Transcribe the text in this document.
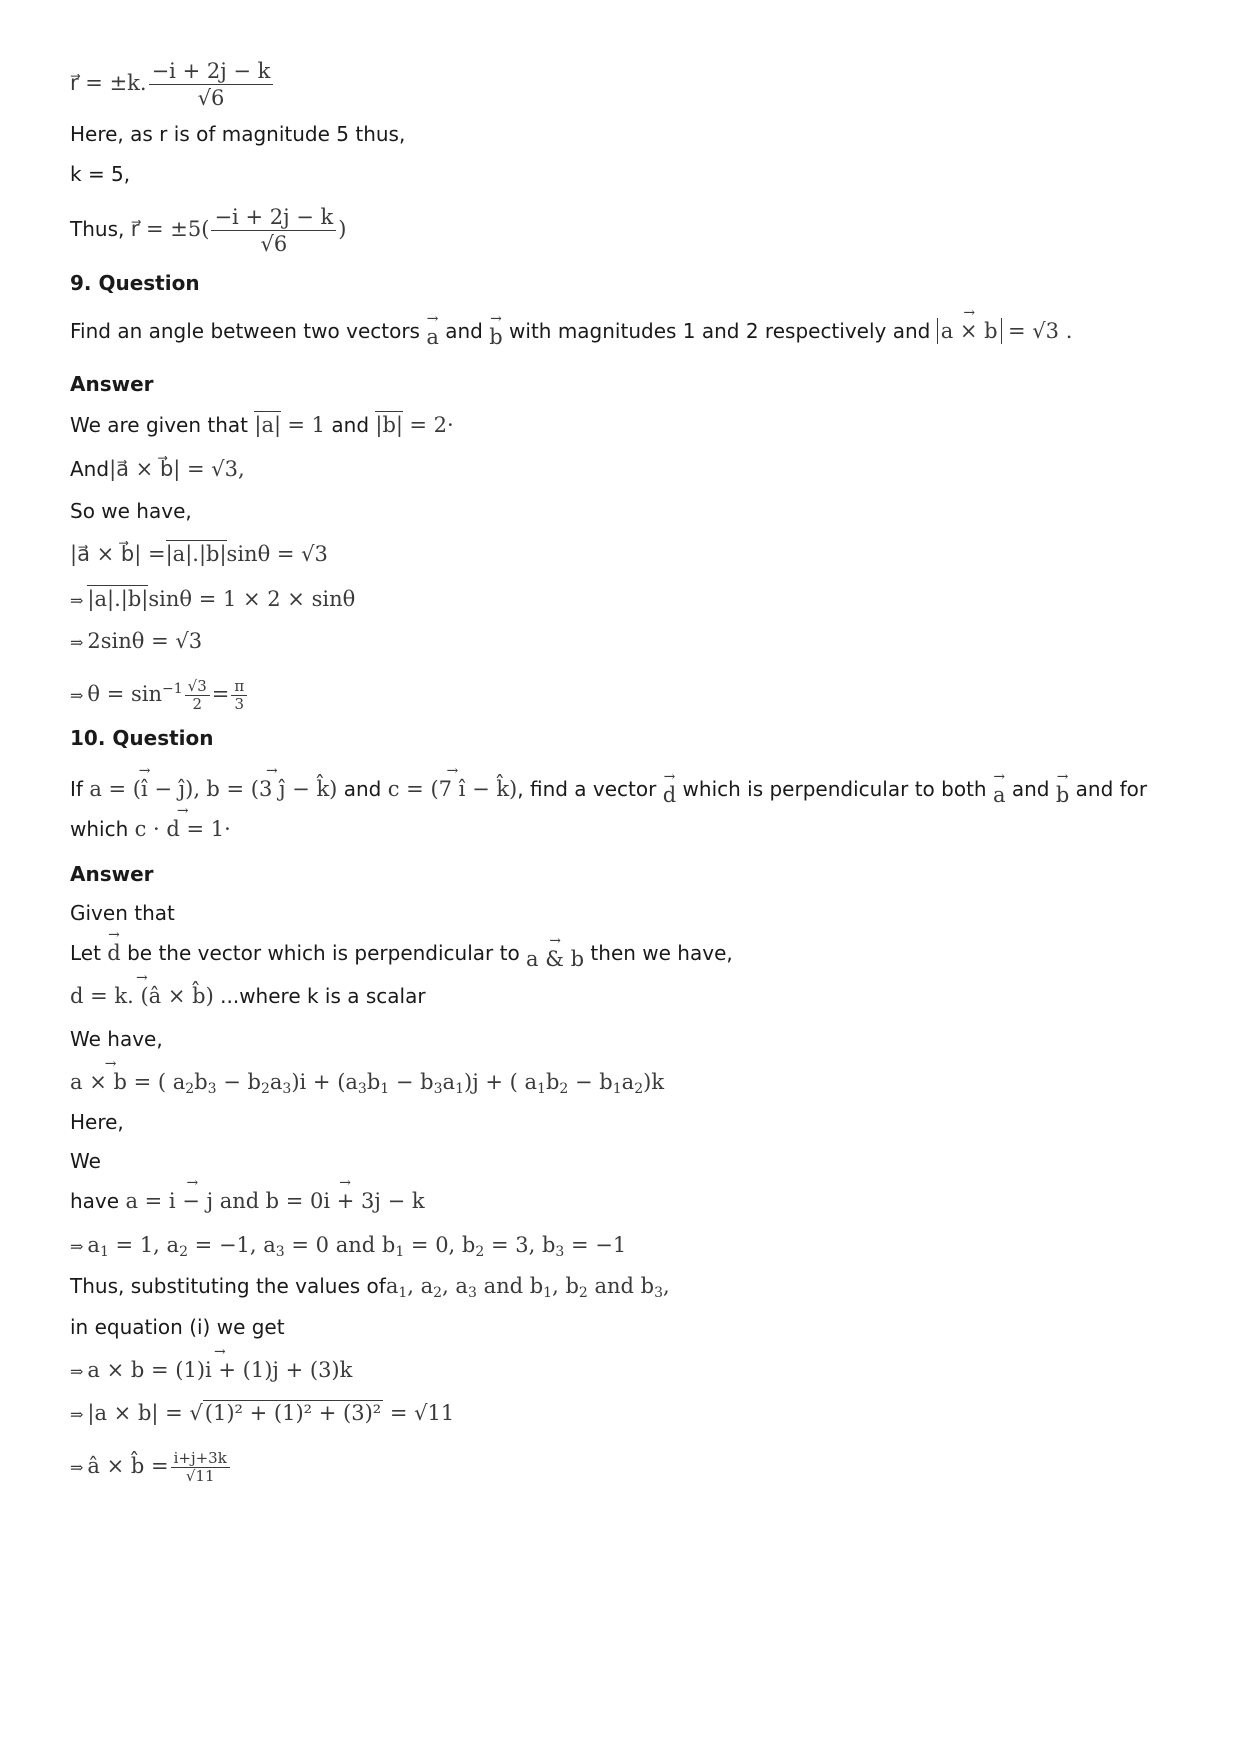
r⃗ = ±k. $\frac{-i + 2j - k}{√6}$
Here, as r is of magnitude 5 thus,
k = 5,
Thus, r⃗ = $\pm 5( \frac{-i + 2j - k}{√6}$ )
9. Question
Find an angle between two vectors → a and → b with magnitudes 1 and 2 respectively and → a × b = √3 .
Answer
We are given that |a| = 1 and |b| = 2·
And|a⃗ × b⃗| = √3,
So we have,
|a⃗ × b⃗| =|a|.|b|sinθ = √3
⇒ |a|.|b|sinθ = 1 × 2 × sinθ
⇒ 2sinθ = √3
⇒ $\theta = \sin^{-1} \frac{√3}{2} = \frac{\pi}{3}$
10. Question
If → a = (î − ĵ), → b = (3 ĵ − k̂) and → c = (7 î − k̂), find a vector → d which is perpendicular to both → a and → b and for
which → c · d = 1·
Answer
Given that
Let → d be the vector which is perpendicular to → a & b then we have,
→ d = k. (â × b̂) ...where k is a scalar
We have,
→ a × b = ( $a_2b_3 - b_2a_3)i + (a_3b_1 - b_3a_1)j$ + ( $a_1b_2 - b_1a_2)k$
Here,
We
have → a = i − j and → b = 0i + 3j − k
⇒ $a_1 = 1$, $a_2 = -1$, $a_3 = 0$ and $b_1 = 0$, $b_2 = 3$, $b_3 = -1$
Thus, substituting the values ofa$_1$, $a_2$, $a_3$ and $b_1$, $b_2$ and $b_3$,
in equation (i) we get
⇒ → a × b = (1)i + (1)j + (3)k
⇒ |a × b| = √(1)² + (1)² + (3)² = √11
⇒ â × b̂ = $\frac{i+j+3k}{√11}$
